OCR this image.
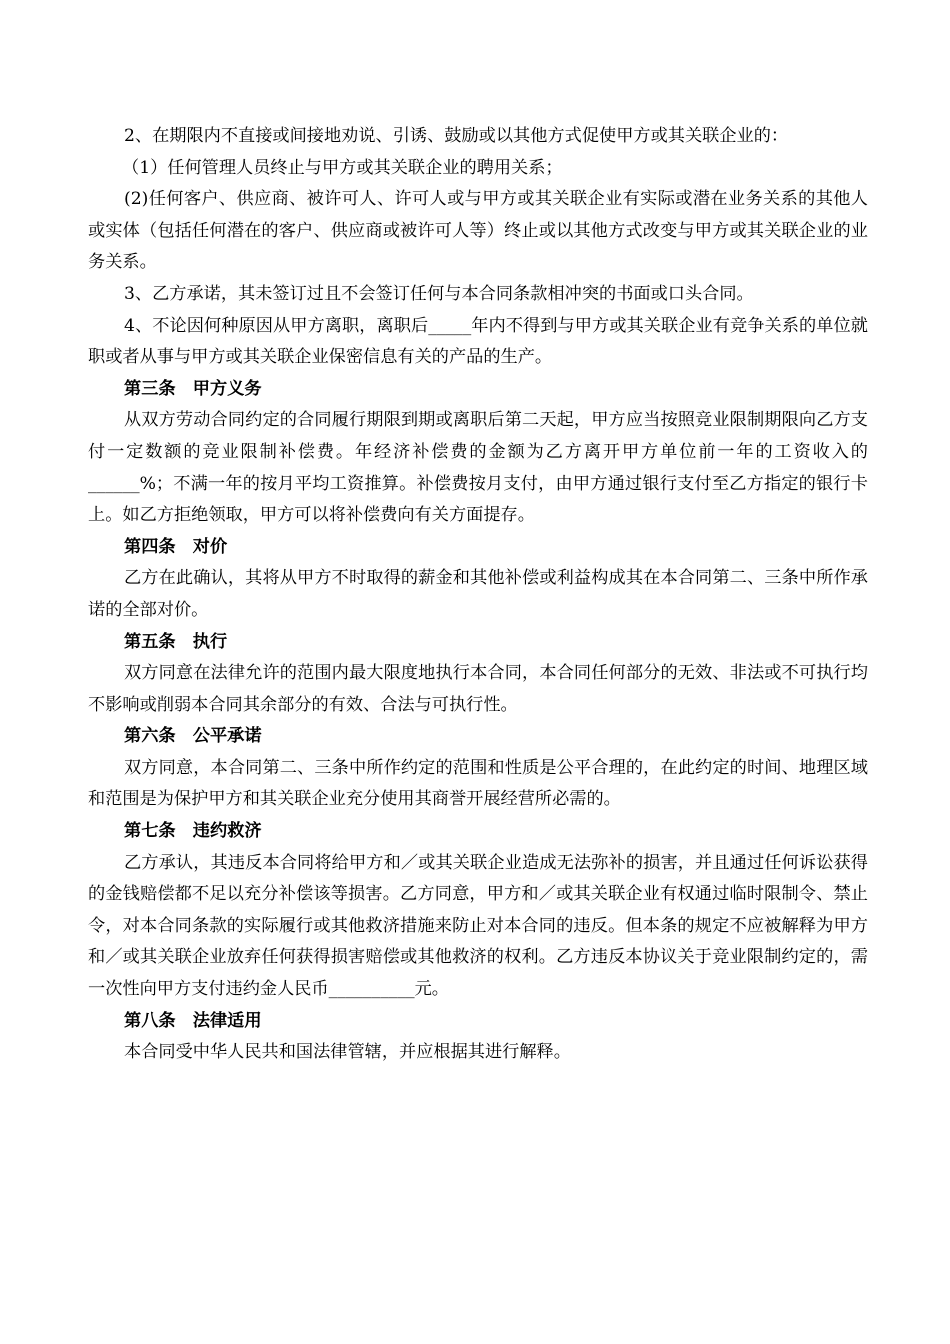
2、在期限内不直接或间接地劝说、引诱、鼓励或以其他方式促使甲方或其关联企业的：

（1）任何管理人员终止与甲方或其关联企业的聘用关系；

(2)任何客户、供应商、被许可人、许可人或与甲方或其关联企业有实际或潜在业务关系的其他人或实体（包括任何潜在的客户、供应商或被许可人等）终止或以其他方式改变与甲方或其关联企业的业务关系。

3、乙方承诺，其未签订过且不会签订任何与本合同条款相冲突的书面或口头合同。

4、不论因何种原因从甲方离职，离职后_____年内不得到与甲方或其关联企业有竞争关系的单位就职或者从事与甲方或其关联企业保密信息有关的产品的生产。

第三条　甲方义务

从双方劳动合同约定的合同履行期限到期或离职后第二天起，甲方应当按照竞业限制期限向乙方支付一定数额的竞业限制补偿费。年经济补偿费的金额为乙方离开甲方单位前一年的工资收入的______%；不满一年的按月平均工资推算。补偿费按月支付，由甲方通过银行支付至乙方指定的银行卡上。如乙方拒绝领取，甲方可以将补偿费向有关方面提存。

第四条　对价

乙方在此确认，其将从甲方不时取得的薪金和其他补偿或利益构成其在本合同第二、三条中所作承诺的全部对价。

第五条　执行

双方同意在法律允许的范围内最大限度地执行本合同，本合同任何部分的无效、非法或不可执行均不影响或削弱本合同其余部分的有效、合法与可执行性。

第六条　公平承诺

双方同意，本合同第二、三条中所作约定的范围和性质是公平合理的，在此约定的时间、地理区域和范围是为保护甲方和其关联企业充分使用其商誉开展经营所必需的。

第七条　违约救济

乙方承认，其违反本合同将给甲方和／或其关联企业造成无法弥补的损害，并且通过任何诉讼获得的金钱赔偿都不足以充分补偿该等损害。乙方同意，甲方和／或其关联企业有权通过临时限制令、禁止令，对本合同条款的实际履行或其他救济措施来防止对本合同的违反。但本条的规定不应被解释为甲方和／或其关联企业放弃任何获得损害赔偿或其他救济的权利。乙方违反本协议关于竞业限制约定的，需一次性向甲方支付违约金人民币__________元。

第八条　法律适用

本合同受中华人民共和国法律管辖，并应根据其进行解释。
